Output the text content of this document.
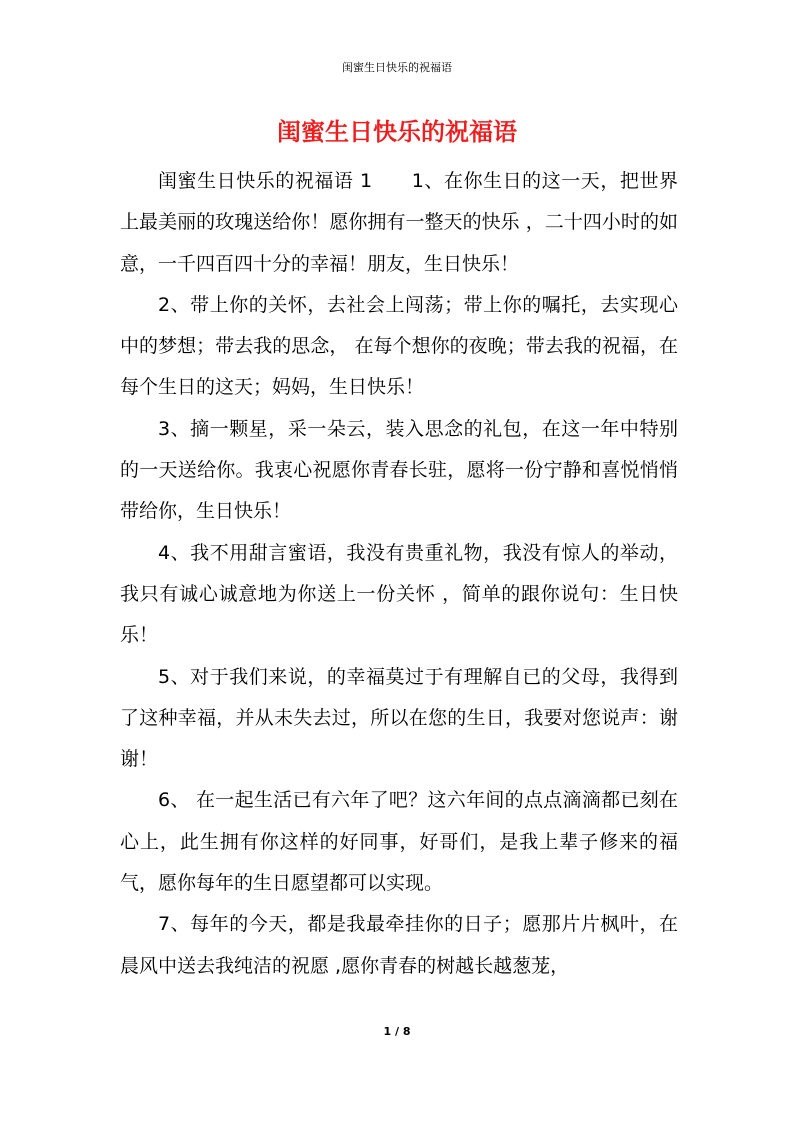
闺蜜生日快乐的祝福语
闺蜜生日快乐的祝福语

闺蜜生日快乐的祝福语 1　　1、在你生日的这一天，把世界上最美丽的玫瑰送给你！愿你拥有一整天的快乐 ，二十四小时的如意，一千四百四十分的幸福！朋友，生日快乐！

2、带上你的关怀，去社会上闯荡；带上你的嘱托，去实现心中的梦想；带去我的思念， 在每个想你的夜晚；带去我的祝福，在每个生日的这天；妈妈，生日快乐！

3、摘一颗星，采一朵云，装入思念的礼包，在这一年中特别的一天送给你。我衷心祝愿你青春长驻，愿将一份宁静和喜悦悄悄带给你，生日快乐！

4、我不用甜言蜜语，我没有贵重礼物，我没有惊人的举动，我只有诚心诚意地为你送上一份关怀 ，简单的跟你说句：生日快乐！

5、对于我们来说，的幸福莫过于有理解自已的父母，我得到了这种幸福，并从未失去过，所以在您的生日，我要对您说声：谢谢！

6、 在一起生活已有六年了吧？这六年间的点点滴滴都已刻在心上，此生拥有你这样的好同事，好哥们，是我上辈子修来的福气，愿你每年的生日愿望都可以实现。

7、每年的今天，都是我最牵挂你的日子；愿那片片枫叶，在晨风中送去我纯洁的祝愿 ,愿你青春的树越长越葱茏，

1 / 8
